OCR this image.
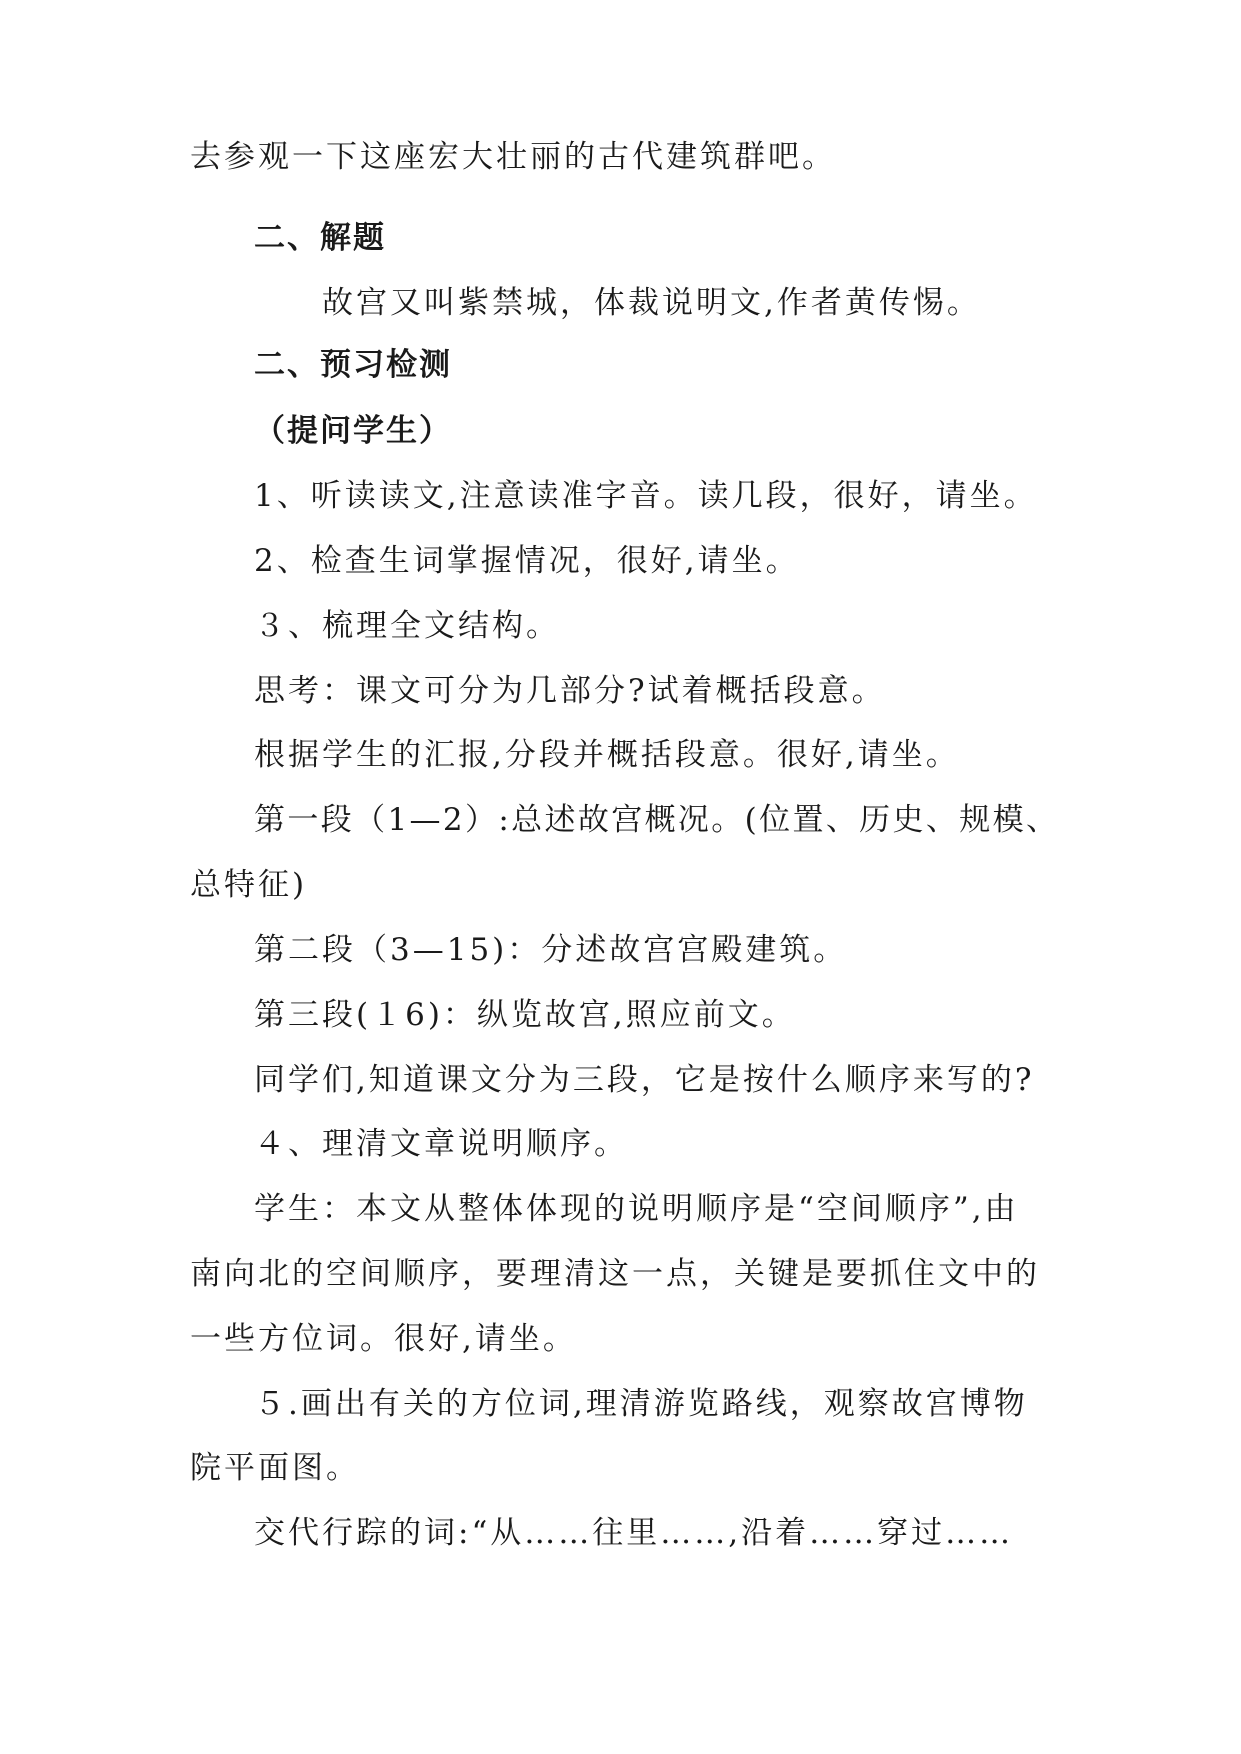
去参观一下这座宏大壮丽的古代建筑群吧。
二、解题
故宫又叫紫禁城，体裁说明文,作者黄传惕。
二、预习检测
（提问学生）
1、听读读文,注意读准字音。读几段，很好，请坐。
2、检查生词掌握情况，很好,请坐。
３、梳理全文结构。
思考：课文可分为几部分?试着概括段意。
根据学生的汇报,分段并概括段意。很好,请坐。
第一段（1—2）:总述故宫概况。(位置、历史、规模、
总特征)
第二段（3—15)：分述故宫宫殿建筑。
第三段(１6)：纵览故宫,照应前文。
同学们,知道课文分为三段，它是按什么顺序来写的?
４、理清文章说明顺序。
学生：本文从整体体现的说明顺序是“空间顺序”,由
南向北的空间顺序，要理清这一点，关键是要抓住文中的
一些方位词。很好,请坐。
５.画出有关的方位词,理清游览路线，观察故宫博物
院平面图。
交代行踪的词:“从……往里……,沿着……穿过……
